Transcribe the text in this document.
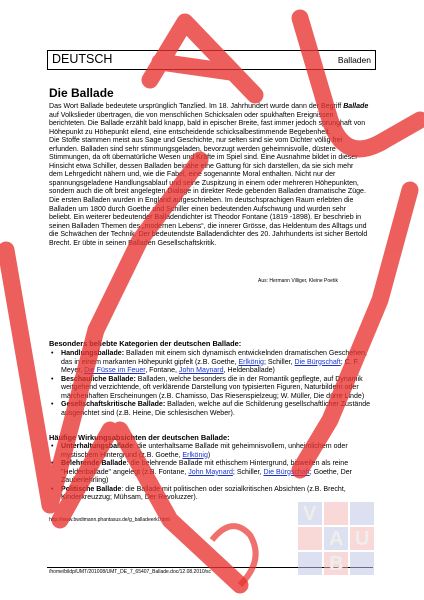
DEUTSCH	Balladen
Die Ballade

Das Wort Ballade bedeutete ursprünglich Tanzlied. Im 18. Jahrhundert wurde dann der Begriff Ballade auf Volkslieder übertragen, die von menschlichen Schicksalen oder spukhaften Ereignissen berichteten. Die Ballade erzählt bald knapp, bald in epischer Breite, fast immer jedoch sprunghaft von Höhepunkt zu Höhepunkt eilend, eine entscheidende schicksalbestimmende Begebenheit.

Die Stoffe stammen meist aus Sage und Geschichte, nur selten sind sie vom Dichter völlig frei erfunden. Balladen sind sehr stimmungsgeladen, bevorzugt werden geheimnisvolle, düstere Stimmungen, da oft übernatürliche Wesen und Kräfte im Spiel sind. Eine Ausnahme bildet in dieser Hinsicht etwa Schiller, dessen Balladen beinahe eine Gattung für sich darstellen, da sie sich mehr dem Lehrgedicht nähern und, wie die Fabel, eine sogenannte Moral enthalten. Nicht nur der spannungsgeladene Handlungsablauf und seine Zuspitzung in einem oder mehreren Höhepunkten, sondern auch die oft breit angelegten Dialoge in direkter Rede gebenden Balladen dramatische Züge.

Die ersten Balladen wurden in England aufgeschrieben. Im deutschsprachigen Raum erlebten die Balladen um 1800 durch Goethe und Schiller einen bedeutenden Aufschwung und wurden sehr beliebt. Ein weiterer bedeutender Balladendichter ist Theodor Fontane (1819 -1898). Er beschrieb in seinen Balladen Themen des „modernen Lebens“, die innerer Grösse, das Heldentum des Alltags und die Schwächen der Technik. Der bedeutendste Balladendichter des 20. Jahrhunderts ist sicher Bertold Brecht. Er übte in seinen Balladen Gesellschaftskritik.

Aus: Hermann Villiger, Kleine Poetik
Besonders beliebte Kategorien der deutschen Ballade:
• Handlungsballade: Balladen mit einem sich dynamisch entwickelnden dramatischen Geschehen, das in einem markanten Höhepunkt gipfelt (z.B. Goethe, Erlkönig; Schiller, Die Bürgschaft; C. F. Meyer, Die Füsse im Feuer, Fontane, John Maynard, Heldenballade)
• Beschauliche Ballade: Balladen, welche besonders die in der Romantik gepflegte, auf Dynamik weitgehend verzichtende, oft verklärende Darstellung von typisierten Figuren, Naturbildern oder märchenhaften Erscheinungen (z.B. Chamisso, Das Riesenspielzeug; W. Müller, Die dürre Linde)
• Gesellschaftskritische Ballade: Balladen, welche auf die Schilderung gesellschaftlicher Zustände ausgerichtet sind (z.B. Heine, Die schlesischen Weber).
Häufige Wirkungsabsichten der deutschen Ballade:
• Unterhaltungsballade: die unterhaltsame Ballade mit geheimnisvollem, unheimlichem oder mystischem Hintergrund (z.B. Goethe, Erlkönig)
• Belehrende Ballade: die belehrende Ballade mit ethischem Hintergrund, bisweilen als reine "Heldenballade" angelegt (z.B. Fontane, John Maynard; Schiller, Die Bürgschaft; Goethe, Der Zauberlehrling)
• Politische Ballade: die Ballade mit politischen oder sozialkritischen Absichten (z.B. Brecht, Kinderkreuzzug; Mühsam, Der Revoluzzer).
http://www.bwdimann.phantasus.de/g_balladeerkl.html
/home/bildp/UMT/201008/UMT_DE_7_65407_Ballade.doc/12.08.2010/sc
V
A U
B
